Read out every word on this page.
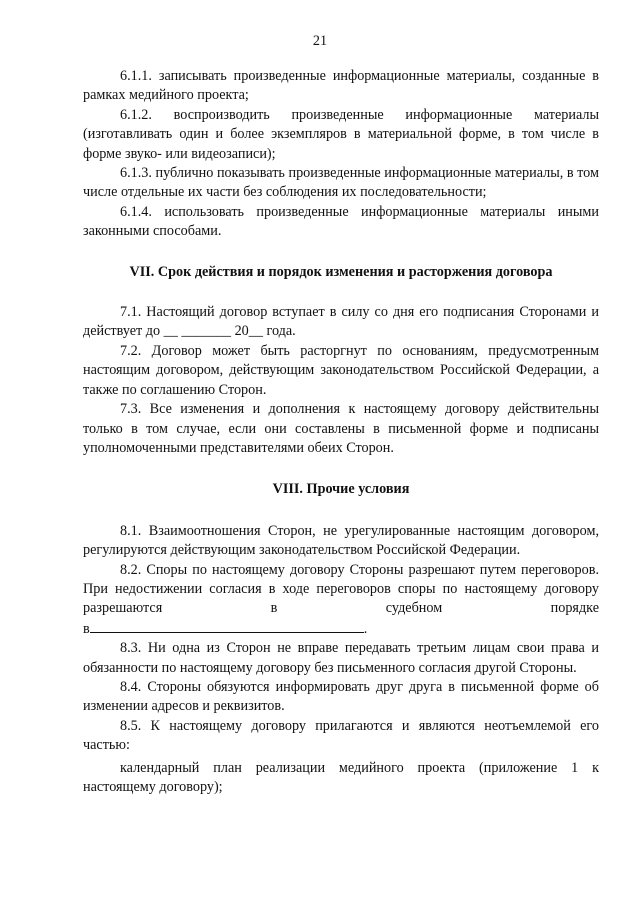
21

6.1.1. записывать произведенные информационные материалы, созданные в рамках медийного проекта;

6.1.2. воспроизводить произведенные информационные материалы (изготавливать один и более экземпляров в материальной форме, в том числе в форме звуко- или видеозаписи);

6.1.3. публично показывать произведенные информационные материалы, в том числе отдельные их части без соблюдения их последовательности;

6.1.4. использовать произведенные информационные материалы иными законными способами.

VII. Срок действия и порядок изменения и расторжения договора

7.1. Настоящий договор вступает в силу со дня его подписания Сторонами и действует до __ _______ 20__ года.

7.2. Договор может быть расторгнут по основаниям, предусмотренным настоящим договором, действующим законодательством Российской Федерации, а также по соглашению Сторон.

7.3. Все изменения и дополнения к настоящему договору действительны только в том случае, если они составлены в письменной форме и подписаны уполномоченными представителями обеих Сторон.

VIII. Прочие условия

8.1. Взаимоотношения Сторон, не урегулированные настоящим договором, регулируются действующим законодательством Российской Федерации.

8.2. Споры по настоящему договору Стороны разрешают путем переговоров. При недостижении согласия в ходе переговоров споры по настоящему договору разрешаются в судебном порядке

в	.

8.3. Ни одна из Сторон не вправе передавать третьим лицам свои права и обязанности по настоящему договору без письменного согласия другой Стороны.

8.4. Стороны обязуются информировать друг друга в письменной форме об изменении адресов и реквизитов.

8.5. К настоящему договору прилагаются и являются неотъемлемой его частью:

календарный план реализации медийного проекта (приложение 1 к настоящему договору);
